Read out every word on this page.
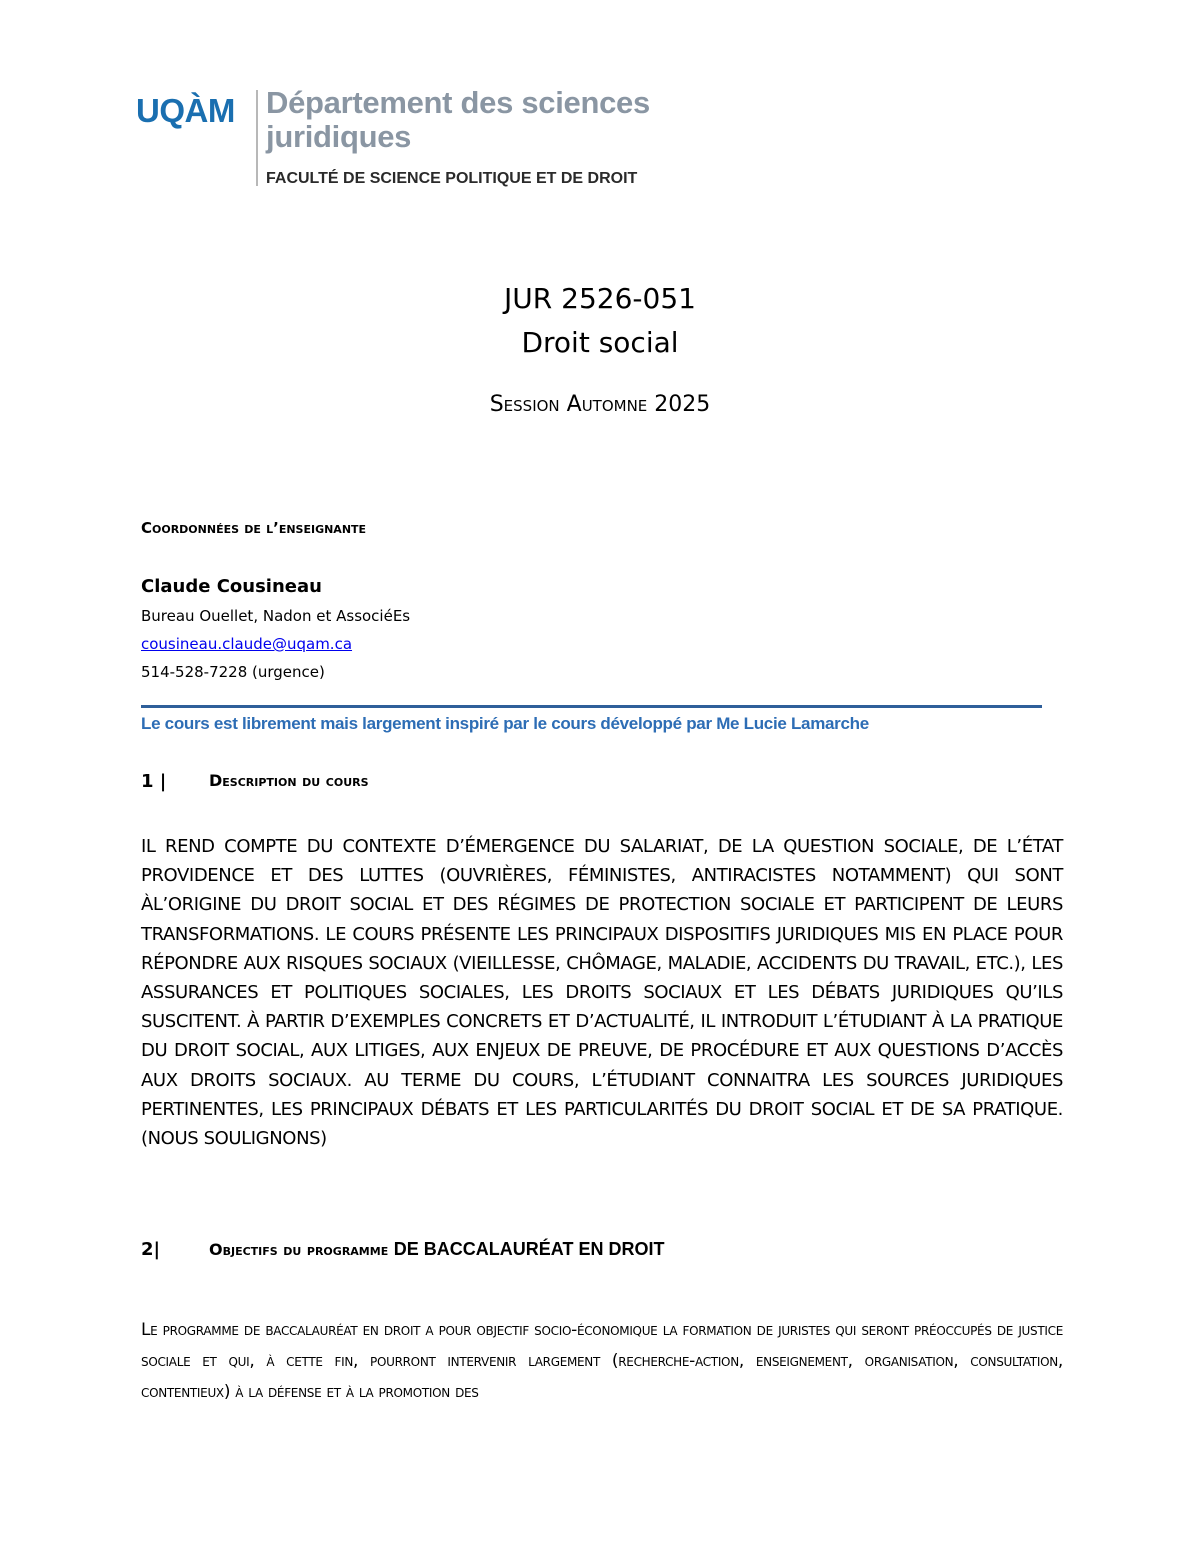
UQÀM Département des sciences juridiques
FACULTÉ DE SCIENCE POLITIQUE ET DE DROIT
JUR 2526-051
Droit social
Session Automne 2025
Coordonnées de l’enseignante
Claude Cousineau
Bureau Ouellet, Nadon et AssociéEs
cousineau.claude@uqam.ca
514-528-7228 (urgence)
Le cours est librement mais largement inspiré par le cours développé par Me Lucie Lamarche
1 |	Description du cours
IL REND COMPTE DU CONTEXTE D’ÉMERGENCE DU SALARIAT, DE LA QUESTION SOCIALE, DE L’ÉTAT PROVIDENCE ET DES LUTTES (OUVRIÈRES, FÉMINISTES, ANTIRACISTES NOTAMMENT) QUI SONT ÀL’ORIGINE DU DROIT SOCIAL ET DES RÉGIMES DE PROTECTION SOCIALE ET PARTICIPENT DE LEURS TRANSFORMATIONS. LE COURS PRÉSENTE LES PRINCIPAUX DISPOSITIFS JURIDIQUES MIS EN PLACE POUR RÉPONDRE AUX RISQUES SOCIAUX (VIEILLESSE, CHÔMAGE, MALADIE, ACCIDENTS DU TRAVAIL, ETC.), LES ASSURANCES ET POLITIQUES SOCIALES, LES DROITS SOCIAUX ET LES DÉBATS JURIDIQUES QU’ILS SUSCITENT. À PARTIR D’EXEMPLES CONCRETS ET D’ACTUALITÉ, IL INTRODUIT L’ÉTUDIANT À LA PRATIQUE DU DROIT SOCIAL, AUX LITIGES, AUX ENJEUX DE PREUVE, DE PROCÉDURE ET AUX QUESTIONS D’ACCÈS AUX DROITS SOCIAUX. AU TERME DU COURS, L’ÉTUDIANT CONNAITRA LES SOURCES JURIDIQUES PERTINENTES, LES PRINCIPAUX DÉBATS ET LES PARTICULARITÉS DU DROIT SOCIAL ET DE SA PRATIQUE. (NOUS SOULIGNONS)
2|	Objectifs du programme DE BACCALAURÉAT EN DROIT
Le programme de baccalauréat en droit a pour objectif socio-économique la formation de juristes qui seront préoccupés de justice sociale et qui, à cette fin, pourront intervenir largement (recherche-action, enseignement, organisation, consultation, contentieux) à la défense et à la promotion des
